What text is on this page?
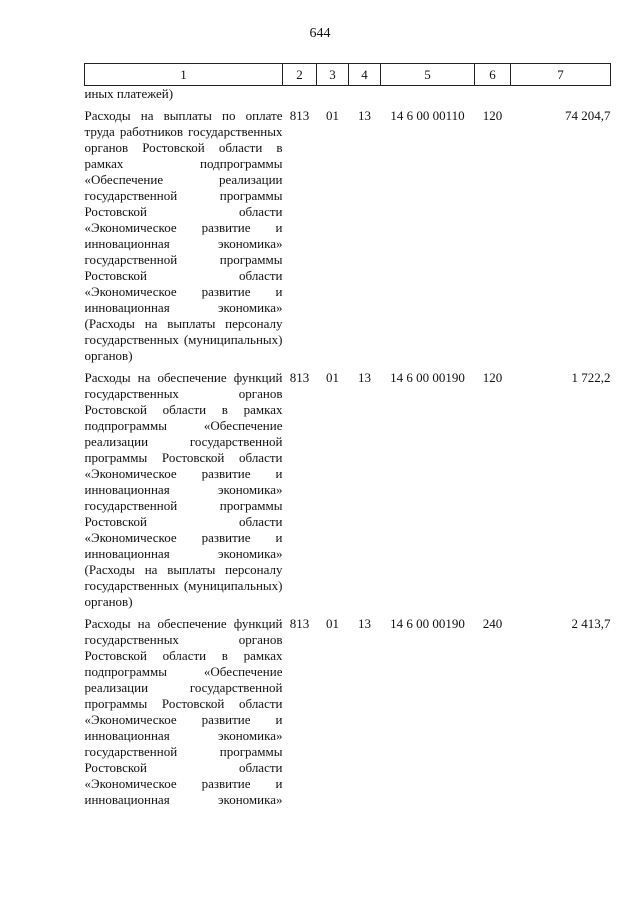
644
1	2	3	4	5	6	7

иных платежей)						

Расходы на выплаты по оплате труда работников государственных органов Ростовской области в рамках подпрограммы «Обеспечение реализации государственной программы Ростовской области «Экономическое развитие и инновационная экономика» государственной программы Ростовской области «Экономическое развитие и инновационная экономика» (Расходы на выплаты персоналу государственных (муниципальных) органов)	813	01	13	14 6 00 00110	120	74 204,7
Расходы на обеспечение функций государственных органов Ростовской области в рамках подпрограммы «Обеспечение реализации государственной программы Ростовской области «Экономическое развитие и инновационная экономика» государственной программы Ростовской области «Экономическое развитие и инновационная экономика» (Расходы на выплаты персоналу государственных (муниципальных) органов)	813	01	13	14 6 00 00190	120	1 722,2
Расходы на обеспечение функций государственных органов Ростовской области в рамках подпрограммы «Обеспечение реализации государственной программы Ростовской области «Экономическое развитие и инновационная экономика» государственной программы Ростовской области «Экономическое развитие и инновационная экономика»	813	01	13	14 6 00 00190	240	2 413,7
